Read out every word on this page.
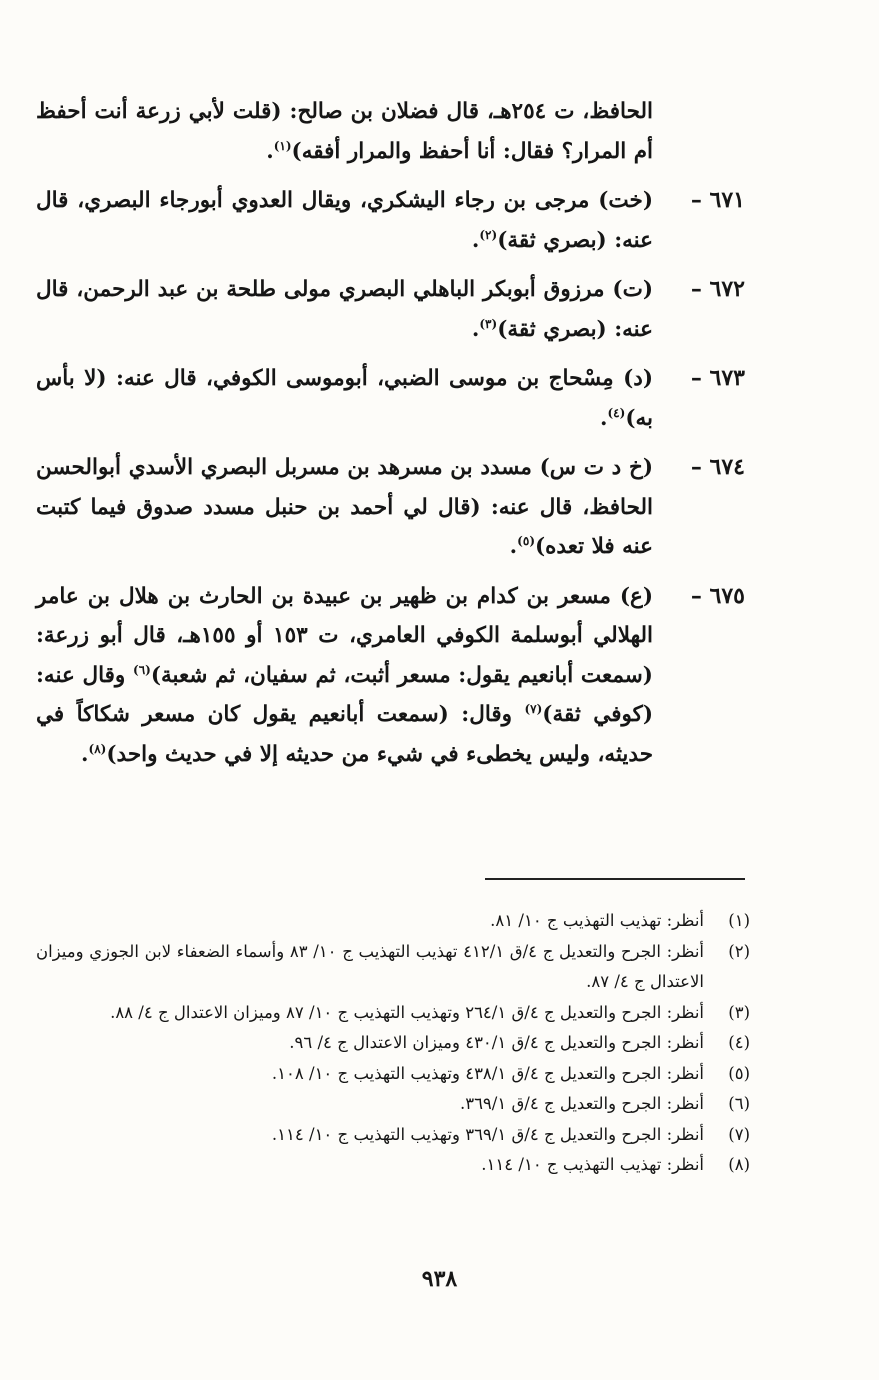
الحافظ، ت ٢٥٤هـ، قال فضلان بن صالح: (قلت لأبي زرعة أنت أحفظ أم المرار؟ فقال: أنا أحفظ والمرار أفقه)$^{(١)}$.

٦٧١ –
(خت) مرجى بن رجاء اليشكري، ويقال العدوي أبورجاء البصري، قال عنه: (بصري ثقة)$^{(٢)}$.

٦٧٢ –
(ت) مرزوق أبوبكر الباهلي البصري مولى طلحة بن عبد الرحمن، قال عنه: (بصري ثقة)$^{(٣)}$.

٦٧٣ –
(د) مِسْحاج بن موسى الضبي، أبوموسى الكوفي، قال عنه: (لا بأس به)$^{(٤)}$.

٦٧٤ –
(خ د ت س) مسدد بن مسرهد بن مسربل البصري الأسدي أبوالحسن الحافظ، قال عنه: (قال لي أحمد بن حنبل مسدد صدوق فيما كتبت عنه فلا تعده)$^{(٥)}$.

٦٧٥ –
(ع) مسعر بن كدام بن ظهير بن عبيدة بن الحارث بن هلال بن عامر الهلالي أبوسلمة الكوفي العامري، ت ١٥٣ أو ١٥٥هـ، قال أبو زرعة: (سمعت أبانعيم يقول: مسعر أثبت، ثم سفيان، ثم شعبة)$^{(٦)}$ وقال عنه: (كوفي ثقة)$^{(٧)}$ وقال: (سمعت أبانعيم يقول كان مسعر شكاكاً في حديثه، وليس يخطىء في شيء من حديثه إلا في حديث واحد)$^{(٨)}$.

(١)
أنظر: تهذيب التهذيب ج ١٠/ ٨١.

(٢)
أنظر: الجرح والتعديل ج ٤/ق ٤١٢/١ تهذيب التهذيب ج ١٠/ ٨٣ وأسماء الضعفاء لابن الجوزي وميزان الاعتدال ج ٤/ ٨٧.

(٣)
أنظر: الجرح والتعديل ج ٤/ق ٢٦٤/١ وتهذيب التهذيب ج ١٠/ ٨٧ وميزان الاعتدال ج ٤/ ٨٨.

(٤)
أنظر: الجرح والتعديل ج ٤/ق ٤٣٠/١ وميزان الاعتدال ج ٤/ ٩٦.

(٥)
أنظر: الجرح والتعديل ج ٤/ق ٤٣٨/١ وتهذيب التهذيب ج ١٠/ ١٠٨.

(٦)
أنظر: الجرح والتعديل ج ٤/ق ٣٦٩/١.

(٧)
أنظر: الجرح والتعديل ج ٤/ق ٣٦٩/١ وتهذيب التهذيب ج ١٠/ ١١٤.

(٨)
أنظر: تهذيب التهذيب ج ١٠/ ١١٤.

٩٣٨
